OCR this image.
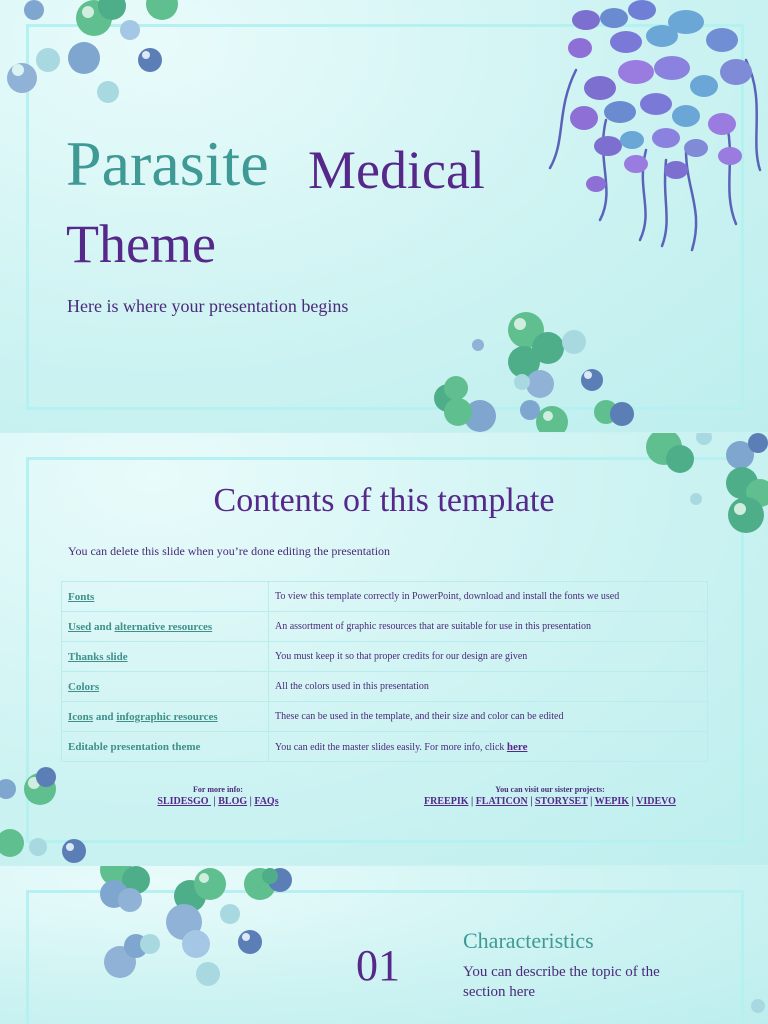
Parasite Medical
Theme
Here is where your presentation begins
Contents of this template
You can delete this slide when you’re done editing the presentation
Fonts	To view this template correctly in PowerPoint, download and install the fonts we used
Used and alternative resources	An assortment of graphic resources that are suitable for use in this presentation
Thanks slide	You must keep it so that proper credits for our design are given
Colors	All the colors used in this presentation
Icons and infographic resources	These can be used in the template, and their size and color can be edited
Editable presentation theme	You can edit the master slides easily. For more info, click here
For more info:
SLIDESGO  | BLOG | FAQs
You can visit our sister projects:
FREEPIK | FLATICON | STORYSET | WEPIK | VIDEVO
01
Characteristics
You can describe the topic of the section here
